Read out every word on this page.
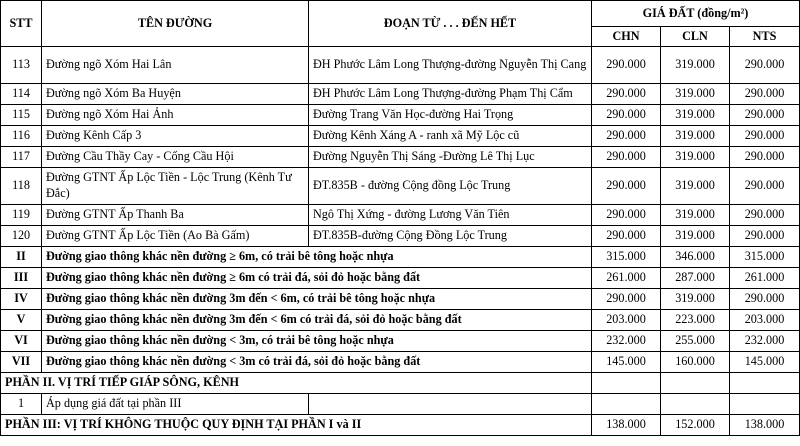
STT	TÊN ĐƯỜNG	ĐOẠN TỪ . . . ĐẾN HẾT	GIÁ ĐẤT (đồng/m²)		
			CHN	CLN	NTS
113	Đường ngõ Xóm Hai Lân	ĐH Phước Lâm Long Thượng-đường Nguyễn Thị Cang	290.000	319.000	290.000
114	Đường ngõ Xóm Ba Huyện	ĐH Phước Lâm Long Thượng-đường Phạm Thị Cẩm	290.000	319.000	290.000
115	Đường ngõ Xóm Hai Ảnh	Đường Trang Văn Học-đường Hai Trọng	290.000	319.000	290.000
116	Đường Kênh Cấp 3	Đường Kênh Xáng A - ranh xã Mỹ Lộc cũ	290.000	319.000	290.000
117	Đường Cầu Thầy Cay - Cống Cầu Hội	Đường Nguyễn Thị Sáng -Đường Lê Thị Lục	290.000	319.000	290.000
118	Đường GTNT Ấp Lộc Tiền - Lộc Trung (Kênh Tư Đắc)	ĐT.835B - đường Cộng đồng Lộc Trung	290.000	319.000	290.000
119	Đường GTNT Ấp Thanh Ba	Ngô Thị Xứng - đường Lương Văn Tiên	290.000	319.000	290.000
120	Đường GTNT Ấp Lộc Tiền (Ao Bà Gấm)	ĐT.835B-đường Cộng Đồng Lộc Trung	290.000	319.000	290.000
II	Đường giao thông khác nền đường ≥ 6m, có trải bê tông hoặc nhựa		315.000	346.000	315.000
III	Đường giao thông khác nền đường ≥ 6m có trải đá, sỏi đỏ hoặc bằng đất		261.000	287.000	261.000
IV	Đường giao thông khác nền đường 3m đến < 6m, có trải bê tông hoặc nhựa		290.000	319.000	290.000
V	Đường giao thông khác nền đường 3m đến < 6m có trải đá, sỏi đỏ hoặc bằng đất		203.000	223.000	203.000
VI	Đường giao thông khác nền đường < 3m, có trải bê tông hoặc nhựa		232.000	255.000	232.000
VII	Đường giao thông khác nền đường < 3m có trải đá, sỏi đỏ hoặc bằng đất		145.000	160.000	145.000
PHẦN II. VỊ TRÍ TIẾP GIÁP SÔNG, KÊNH					
1	Áp dụng giá đất tại phần III				
PHẦN III: VỊ TRÍ KHÔNG THUỘC QUY ĐỊNH TẠI PHẦN I và II			138.000	152.000	138.000
